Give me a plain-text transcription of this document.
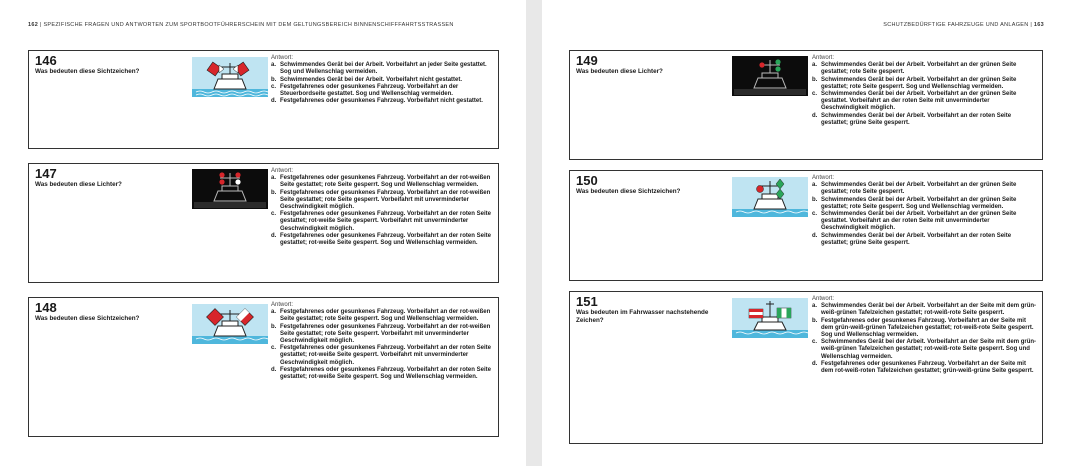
162 | SPEZIFISCHE FRAGEN UND ANTWORTEN ZUM SPORTBOOTFÜHRERSCHEIN MIT DEM GELTUNGSBEREICH BINNENSCHIFFFAHRTSSTRASSEN
146
Was bedeuten diese Sichtzeichen?
Antwort:
a. Schwimmendes Gerät bei der Arbeit. Vorbeifahrt an jeder Seite gestattet. Sog und Wellenschlag vermeiden.
b. Schwimmendes Gerät bei der Arbeit. Vorbeifahrt nicht gestattet.
c. Festgefahrenes oder gesunkenes Fahrzeug. Vorbeifahrt an der Steuerbordseite gestattet. Sog und Wellenschlag vermeiden.
d. Festgefahrenes oder gesunkenes Fahrzeug. Vorbeifahrt nicht gestattet.
147
Was bedeuten diese Lichter?
Antwort:
a. Festgefahrenes oder gesunkenes Fahrzeug. Vorbeifahrt an der rot-weißen Seite gestattet; rote Seite gesperrt. Sog und Wellenschlag vermeiden.
b. Festgefahrenes oder gesunkenes Fahrzeug. Vorbeifahrt an der rot-weißen Seite gestattet; rote Seite gesperrt. Vorbeifahrt mit unverminderter Geschwindigkeit möglich.
c. Festgefahrenes oder gesunkenes Fahrzeug. Vorbeifahrt an der roten Seite gestattet; rot-weiße Seite gesperrt. Vorbeifahrt mit unverminderter Geschwindigkeit möglich.
d. Festgefahrenes oder gesunkenes Fahrzeug. Vorbeifahrt an der roten Seite gestattet; rot-weiße Seite gesperrt. Sog und Wellenschlag vermeiden.
148
Was bedeuten diese Sichtzeichen?
Antwort:
a. Festgefahrenes oder gesunkenes Fahrzeug. Vorbeifahrt an der rot-weißen Seite gestattet; rote Seite gesperrt. Sog und Wellenschlag vermeiden.
b. Festgefahrenes oder gesunkenes Fahrzeug. Vorbeifahrt an der rot-weißen Seite gestattet; rote Seite gesperrt. Vorbeifahrt mit unverminderter Geschwindigkeit möglich.
c. Festgefahrenes oder gesunkenes Fahrzeug. Vorbeifahrt an der roten Seite gestattet; rot-weiße Seite gesperrt. Vorbeifahrt mit unverminderter Geschwindigkeit möglich.
d. Festgefahrenes oder gesunkenes Fahrzeug. Vorbeifahrt an der roten Seite gestattet; rot-weiße Seite gesperrt. Sog und Wellenschlag vermeiden.
SCHUTZBEDÜRFTIGE FAHRZEUGE UND ANLAGEN | 163
149
Was bedeuten diese Lichter?
Antwort:
a. Schwimmendes Gerät bei der Arbeit. Vorbeifahrt an der grünen Seite gestattet; rote Seite gesperrt.
b. Schwimmendes Gerät bei der Arbeit. Vorbeifahrt an der grünen Seite gestattet; rote Seite gesperrt. Sog und Wellenschlag vermeiden.
c. Schwimmendes Gerät bei der Arbeit. Vorbeifahrt an der grünen Seite gestattet. Vorbeifahrt an der roten Seite mit unverminderter Geschwindigkeit möglich.
d. Schwimmendes Gerät bei der Arbeit. Vorbeifahrt an der roten Seite gestattet; grüne Seite gesperrt.
150
Was bedeuten diese Sichtzeichen?
Antwort:
a. Schwimmendes Gerät bei der Arbeit. Vorbeifahrt an der grünen Seite gestattet; rote Seite gesperrt.
b. Schwimmendes Gerät bei der Arbeit. Vorbeifahrt an der grünen Seite gestattet; rote Seite gesperrt. Sog und Wellenschlag vermeiden.
c. Schwimmendes Gerät bei der Arbeit. Vorbeifahrt an der grünen Seite gestattet. Vorbeifahrt an der roten Seite mit unverminderter Geschwindigkeit möglich.
d. Schwimmendes Gerät bei der Arbeit. Vorbeifahrt an der roten Seite gestattet; grüne Seite gesperrt.
151
Was bedeuten im Fahrwasser nachstehende Zeichen?
Antwort:
a. Schwimmendes Gerät bei der Arbeit. Vorbeifahrt an der Seite mit dem grün-weiß-grünen Tafelzeichen gestattet; rot-weiß-rote Seite gesperrt.
b. Festgefahrenes oder gesunkenes Fahrzeug. Vorbeifahrt an der Seite mit dem grün-weiß-grünen Tafelzeichen gestattet; rot-weiß-rote Seite gesperrt. Sog und Wellenschlag vermeiden.
c. Schwimmendes Gerät bei der Arbeit. Vorbeifahrt an der Seite mit dem grün-weiß-grünen Tafelzeichen gestattet; rot-weiß-rote Seite gesperrt. Sog und Wellenschlag vermeiden.
d. Festgefahrenes oder gesunkenes Fahrzeug. Vorbeifahrt an der Seite mit dem rot-weiß-roten Tafelzeichen gestattet; grün-weiß-grüne Seite gesperrt.
